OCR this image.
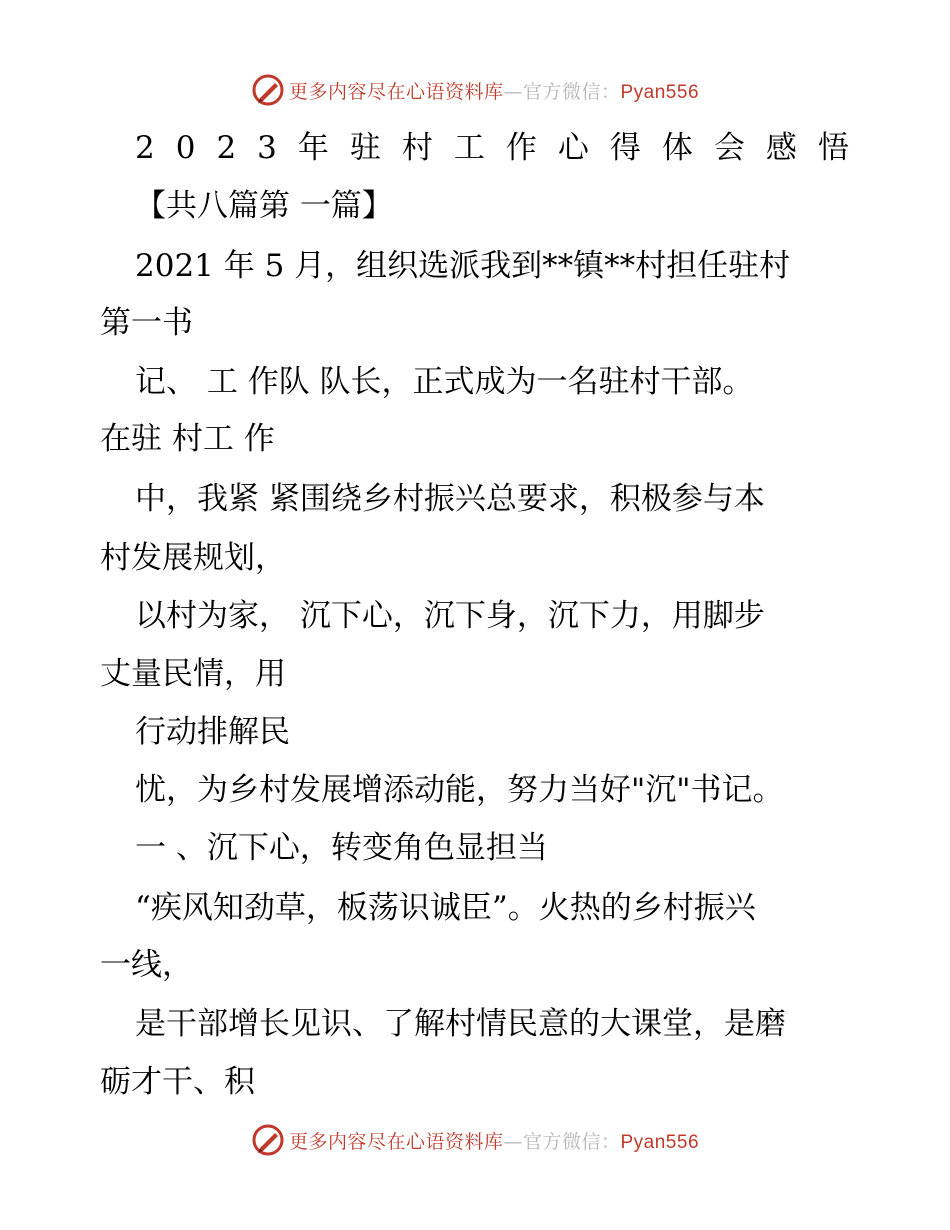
更多内容尽在心语资料库—官方微信：Pyan556
2023年驻村工作心得体会感悟
【共八篇第 一篇】
2021 年 5 月，组织选派我到**镇**村担任驻村
第一书
记、 工 作队 队长，正式成为一名驻村干部。
在驻 村工 作
中，我紧 紧围绕乡村振兴总要求，积极参与本
村发展规划，
以村为家， 沉下心，沉下身，沉下力，用脚步
丈量民情，用
行动排解民
忧，为乡村发展增添动能，努力当好"沉"书记。
一 、沉下心，转变角色显担当
“疾风知劲草，板荡识诚臣”。火热的乡村振兴
一线，
是干部增长见识、了解村情民意的大课堂，是磨
砺才干、积
更多内容尽在心语资料库—官方微信：Pyan556
